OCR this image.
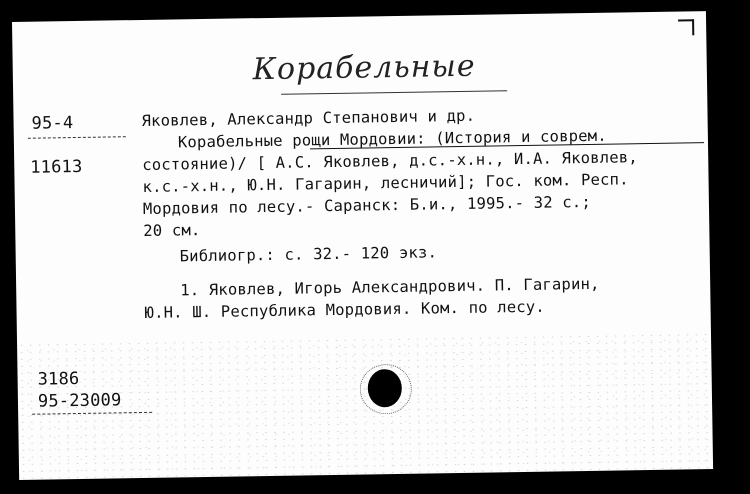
Корабельные
95-4
11613
Яковлев, Александр Степанович и др.
Корабельные рощи Мордовии: (История и соврем.
состояние)/ [ А.С. Яковлев, д.с.-х.н., И.А. Яковлев,
к.с.-х.н., Ю.Н. Гагарин, лесничий]; Гос. ком. Респ.
Мордовия по лесу.- Саранск: Б.и., 1995.- 32 с.;
20 см.
Библиогр.: с. 32.- 120 экз.
1. Яковлев, Игорь Александрович. П. Гагарин,
Ю.Н. Ш. Республика Мордовия. Ком. по лесу.
3186
95-23009
